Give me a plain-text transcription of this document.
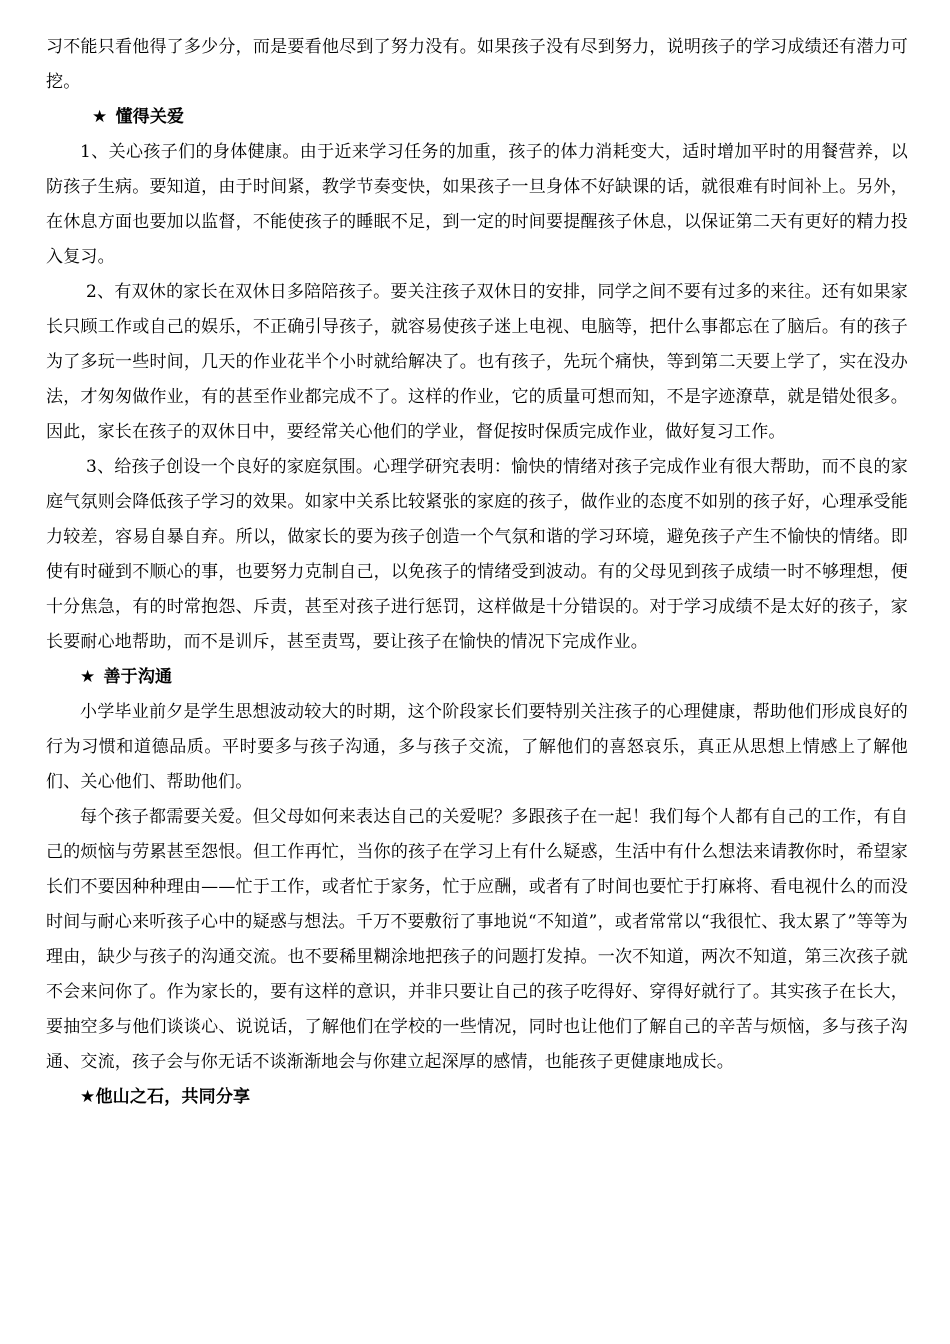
习不能只看他得了多少分，而是要看他尽到了努力没有。如果孩子没有尽到努力，说明孩子的学习成绩还有潜力可挖。

★ 懂得关爱

1、关心孩子们的身体健康。由于近来学习任务的加重，孩子的体力消耗变大，适时增加平时的用餐营养，以防孩子生病。要知道，由于时间紧，教学节奏变快，如果孩子一旦身体不好缺课的话，就很难有时间补上。另外，在休息方面也要加以监督，不能使孩子的睡眠不足，到一定的时间要提醒孩子休息，以保证第二天有更好的精力投入复习。

2、有双休的家长在双休日多陪陪孩子。要关注孩子双休日的安排，同学之间不要有过多的来往。还有如果家长只顾工作或自己的娱乐，不正确引导孩子，就容易使孩子迷上电视、电脑等，把什么事都忘在了脑后。有的孩子为了多玩一些时间，几天的作业花半个小时就给解决了。也有孩子，先玩个痛快，等到第二天要上学了，实在没办法，才匆匆做作业，有的甚至作业都完成不了。这样的作业，它的质量可想而知，不是字迹潦草，就是错处很多。因此，家长在孩子的双休日中，要经常关心他们的学业，督促按时保质完成作业，做好复习工作。

3、给孩子创设一个良好的家庭氛围。心理学研究表明：愉快的情绪对孩子完成作业有很大帮助，而不良的家庭气氛则会降低孩子学习的效果。如家中关系比较紧张的家庭的孩子，做作业的态度不如别的孩子好，心理承受能力较差，容易自暴自弃。所以，做家长的要为孩子创造一个气氛和谐的学习环境，避免孩子产生不愉快的情绪。即使有时碰到不顺心的事，也要努力克制自己，以免孩子的情绪受到波动。有的父母见到孩子成绩一时不够理想，便十分焦急，有的时常抱怨、斥责，甚至对孩子进行惩罚，这样做是十分错误的。对于学习成绩不是太好的孩子，家长要耐心地帮助，而不是训斥，甚至责骂，要让孩子在愉快的情况下完成作业。

★ 善于沟通

小学毕业前夕是学生思想波动较大的时期，这个阶段家长们要特别关注孩子的心理健康，帮助他们形成良好的行为习惯和道德品质。平时要多与孩子沟通，多与孩子交流，了解他们的喜怒哀乐，真正从思想上情感上了解他们、关心他们、帮助他们。

每个孩子都需要关爱。但父母如何来表达自己的关爱呢？多跟孩子在一起！我们每个人都有自己的工作，有自己的烦恼与劳累甚至怨恨。但工作再忙，当你的孩子在学习上有什么疑惑，生活中有什么想法来请教你时，希望家长们不要因种种理由——忙于工作，或者忙于家务，忙于应酬，或者有了时间也要忙于打麻将、看电视什么的而没时间与耐心来听孩子心中的疑惑与想法。千万不要敷衍了事地说“不知道”，或者常常以“我很忙、我太累了”等等为理由，缺少与孩子的沟通交流。也不要稀里糊涂地把孩子的问题打发掉。一次不知道，两次不知道，第三次孩子就不会来问你了。作为家长的，要有这样的意识，并非只要让自己的孩子吃得好、穿得好就行了。其实孩子在长大，要抽空多与他们谈谈心、说说话，了解他们在学校的一些情况，同时也让他们了解自己的辛苦与烦恼，多与孩子沟通、交流，孩子会与你无话不谈渐渐地会与你建立起深厚的感情，也能孩子更健康地成长。

★他山之石，共同分享
